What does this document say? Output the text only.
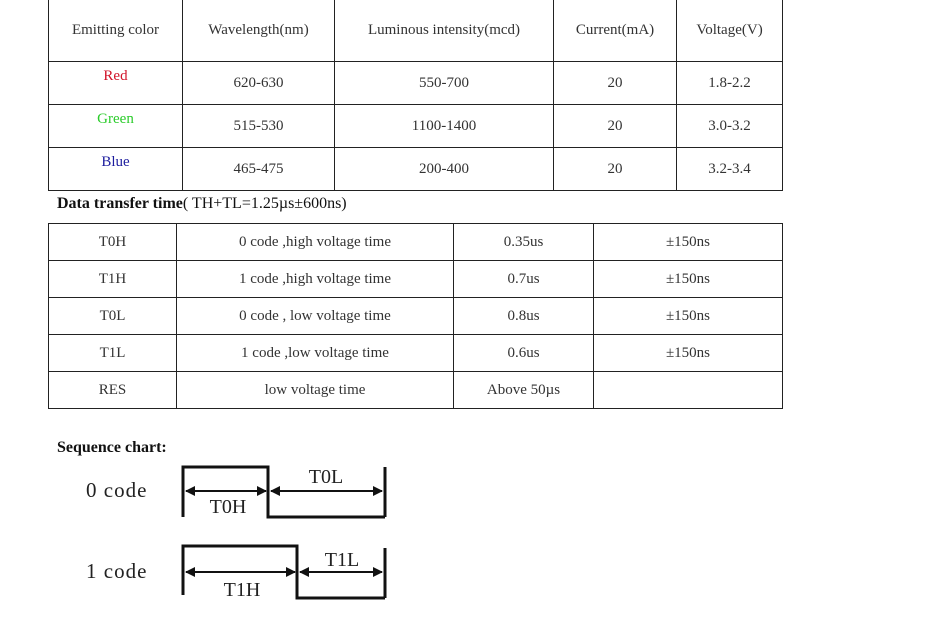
Emitting color	Wavelength(nm)	Luminous intensity(mcd)	Current(mA)	Voltage(V)
Red	620-630	550-700	20	1.8-2.2
Green	515-530	1100-1400	20	3.0-3.2
Blue	465-475	200-400	20	3.2-3.4
Data transfer time( TH+TL=1.25µs±600ns)
T0H	0 code ,high voltage time	0.35us	±150ns
T1H	1 code ,high voltage time	0.7us	±150ns
T0L	0 code , low voltage time	0.8us	±150ns
T1L	1 code ,low voltage time	0.6us	±150ns
RES	low voltage time	Above 50µs	
Sequence chart:
0 code
T0H
T0L
1 code
T1H
T1L
